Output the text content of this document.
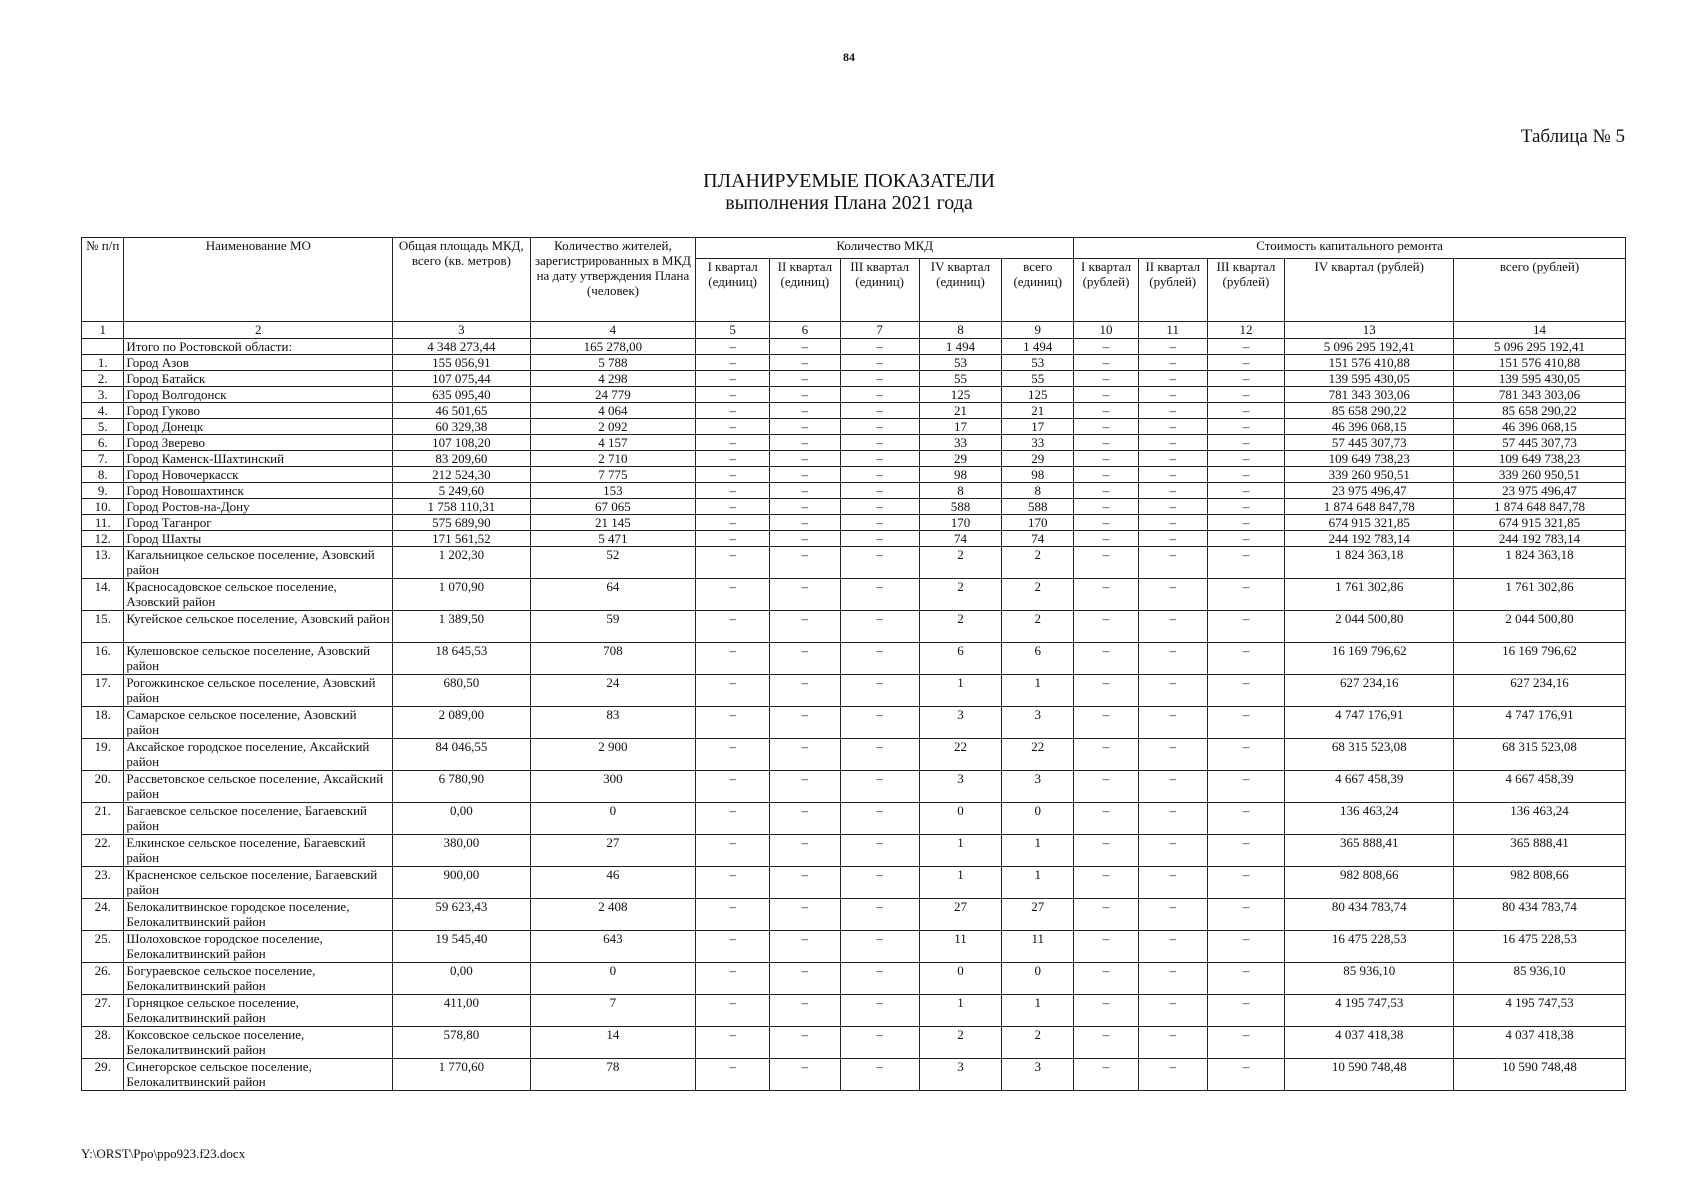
84
Таблица № 5
ПЛАНИРУЕМЫЕ ПОКАЗАТЕЛИ
выполнения Плана 2021 года
№ п/п	Наименование МО	Общая площадь МКД, всего (кв. метров)	Количество жителей, зарегистрированных в МКД на дату утверждения Плана (человек)	Количество МКД					Стоимость капитального ремонта				
				I квартал (единиц)	II квартал (единиц)	III квартал (единиц)	IV квартал (единиц)	всего (единиц)	I квартал (рублей)	II квартал (рублей)	III квартал (рублей)	IV квартал (рублей)	всего (рублей)
1	2	3	4	5	6	7	8	9	10	11	12	13	14
	Итого по Ростовской области:	4 348 273,44	165 278,00	–	–	–	1 494	1 494	–	–	–	5 096 295 192,41	5 096 295 192,41
1.	Город Азов	155 056,91	5 788	–	–	–	53	53	–	–	–	151 576 410,88	151 576 410,88
2.	Город Батайск	107 075,44	4 298	–	–	–	55	55	–	–	–	139 595 430,05	139 595 430,05
3.	Город Волгодонск	635 095,40	24 779	–	–	–	125	125	–	–	–	781 343 303,06	781 343 303,06
4.	Город Гуково	46 501,65	4 064	–	–	–	21	21	–	–	–	85 658 290,22	85 658 290,22
5.	Город Донецк	60 329,38	2 092	–	–	–	17	17	–	–	–	46 396 068,15	46 396 068,15
6.	Город Зверево	107 108,20	4 157	–	–	–	33	33	–	–	–	57 445 307,73	57 445 307,73
7.	Город Каменск-Шахтинский	83 209,60	2 710	–	–	–	29	29	–	–	–	109 649 738,23	109 649 738,23
8.	Город Новочеркасск	212 524,30	7 775	–	–	–	98	98	–	–	–	339 260 950,51	339 260 950,51
9.	Город Новошахтинск	5 249,60	153	–	–	–	8	8	–	–	–	23 975 496,47	23 975 496,47
10.	Город Ростов-на-Дону	1 758 110,31	67 065	–	–	–	588	588	–	–	–	1 874 648 847,78	1 874 648 847,78
11.	Город Таганрог	575 689,90	21 145	–	–	–	170	170	–	–	–	674 915 321,85	674 915 321,85
12.	Город Шахты	171 561,52	5 471	–	–	–	74	74	–	–	–	244 192 783,14	244 192 783,14
13.	Кагальницкое сельское поселение, Азовский район	1 202,30	52	–	–	–	2	2	–	–	–	1 824 363,18	1 824 363,18
14.	Красносадовское сельское поселение, Азовский район	1 070,90	64	–	–	–	2	2	–	–	–	1 761 302,86	1 761 302,86
15.	Кугейское сельское поселение, Азовский район	1 389,50	59	–	–	–	2	2	–	–	–	2 044 500,80	2 044 500,80
16.	Кулешовское сельское поселение, Азовский район	18 645,53	708	–	–	–	6	6	–	–	–	16 169 796,62	16 169 796,62
17.	Рогожкинское сельское поселение, Азовский район	680,50	24	–	–	–	1	1	–	–	–	627 234,16	627 234,16
18.	Самарское сельское поселение, Азовский район	2 089,00	83	–	–	–	3	3	–	–	–	4 747 176,91	4 747 176,91
19.	Аксайское городское поселение, Аксайский район	84 046,55	2 900	–	–	–	22	22	–	–	–	68 315 523,08	68 315 523,08
20.	Рассветовское сельское поселение, Аксайский район	6 780,90	300	–	–	–	3	3	–	–	–	4 667 458,39	4 667 458,39
21.	Багаевское сельское поселение, Багаевский район	0,00	0	–	–	–	0	0	–	–	–	136 463,24	136 463,24
22.	Елкинское сельское поселение, Багаевский район	380,00	27	–	–	–	1	1	–	–	–	365 888,41	365 888,41
23.	Красненское сельское поселение, Багаевский район	900,00	46	–	–	–	1	1	–	–	–	982 808,66	982 808,66
24.	Белокалитвинское городское поселение, Белокалитвинский район	59 623,43	2 408	–	–	–	27	27	–	–	–	80 434 783,74	80 434 783,74
25.	Шолоховское городское поселение, Белокалитвинский район	19 545,40	643	–	–	–	11	11	–	–	–	16 475 228,53	16 475 228,53
26.	Богураевское сельское поселение, Белокалитвинский район	0,00	0	–	–	–	0	0	–	–	–	85 936,10	85 936,10
27.	Горняцкое сельское поселение, Белокалитвинский район	411,00	7	–	–	–	1	1	–	–	–	4 195 747,53	4 195 747,53
28.	Коксовское сельское поселение, Белокалитвинский район	578,80	14	–	–	–	2	2	–	–	–	4 037 418,38	4 037 418,38
29.	Синегорское сельское поселение, Белокалитвинский район	1 770,60	78	–	–	–	3	3	–	–	–	10 590 748,48	10 590 748,48
Y:\ORST\Ppo\ppo923.f23.docx
